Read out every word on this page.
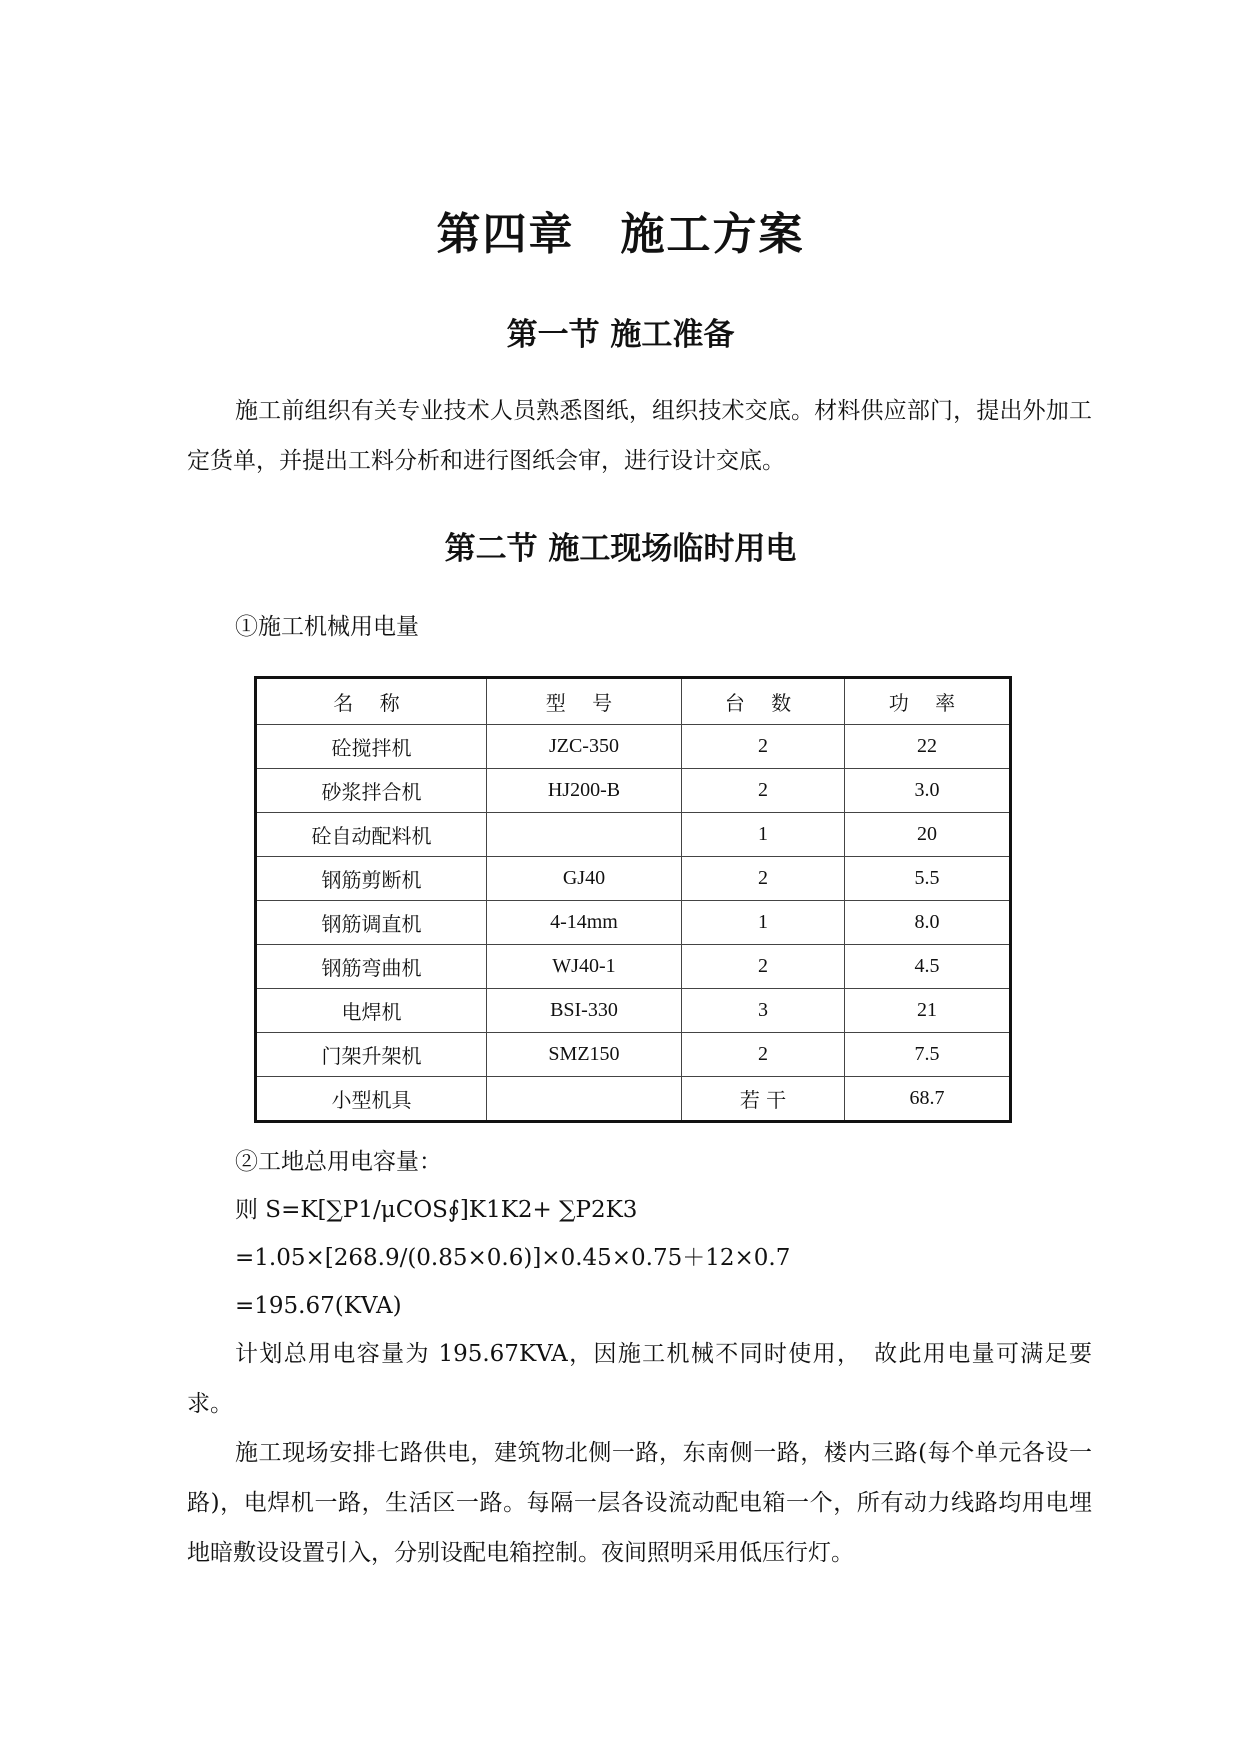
第四章　施工方案
第一节 施工准备
施工前组织有关专业技术人员熟悉图纸，组织技术交底。材料供应部门，提出外加工定货单，并提出工料分析和进行图纸会审，进行设计交底。
第二节 施工现场临时用电
①施工机械用电量
名 称	型 号	台 数	功 率
砼搅拌机	JZC-350	2	22
砂浆拌合机	HJ200-B	2	3.0
砼自动配料机		1	20
钢筋剪断机	GJ40	2	5.5
钢筋调直机	4-14mm	1	8.0
钢筋弯曲机	WJ40-1	2	4.5
电焊机	BSI-330	3	21
门架升架机	SMZ150	2	7.5
小型机具		若 干	68.7
②工地总用电容量：
则 S=K[∑P1/μCOS∮]K1K2+ ∑P2K3
=1.05×[268.9/(0.85×0.6)]×0.45×0.75＋12×0.7
=195.67(KVA)
计划总用电容量为 195.67KVA，因施工机械不同时使用，　故此用电量可满足要求。
施工现场安排七路供电，建筑物北侧一路，东南侧一路，楼内三路(每个单元各设一路)，电焊机一路，生活区一路。每隔一层各设流动配电箱一个，所有动力线路均用电埋地暗敷设设置引入，分别设配电箱控制。夜间照明采用低压行灯。
